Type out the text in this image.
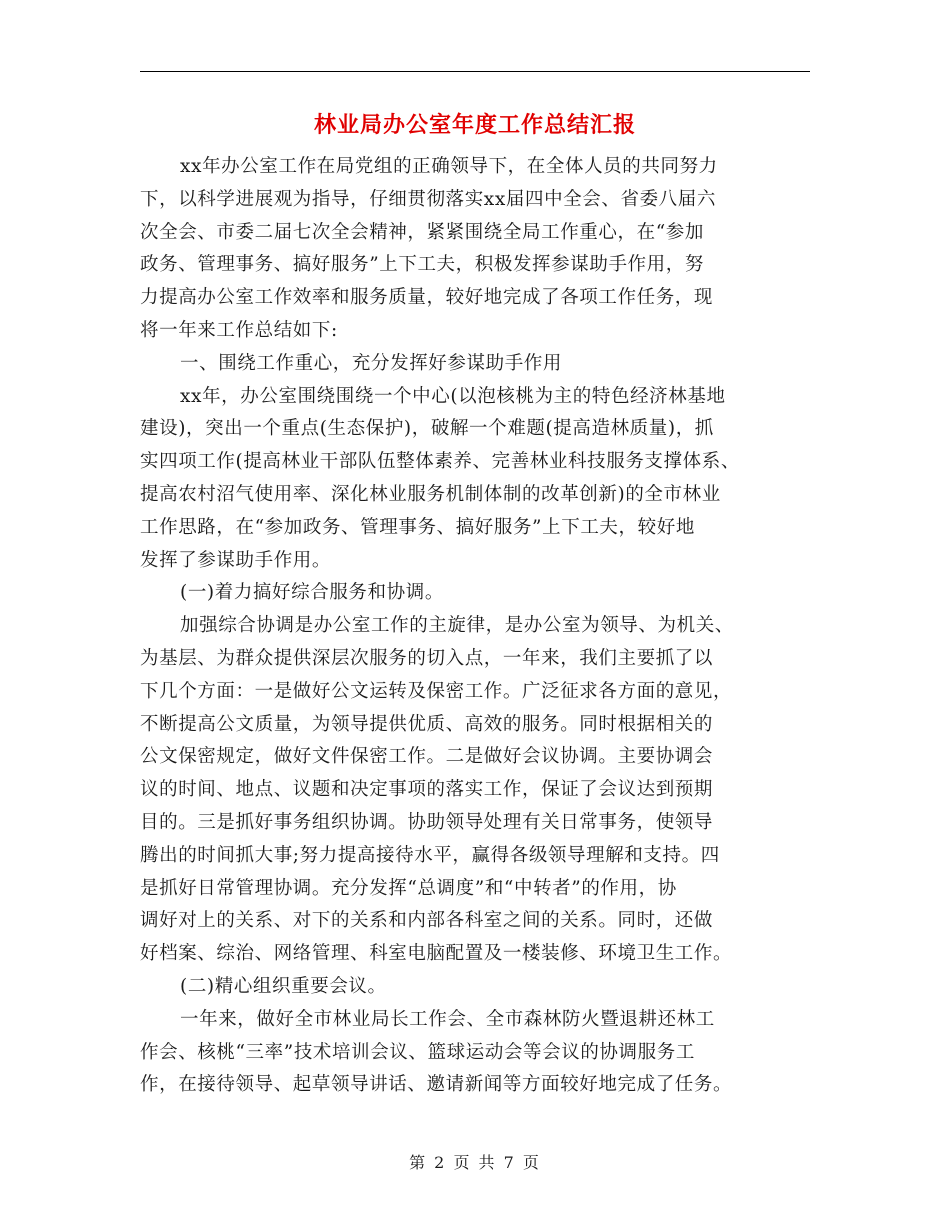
林业局办公室年度工作总结汇报
xx年办公室工作在局党组的正确领导下，在全体人员的共同努力
下，以科学进展观为指导，仔细贯彻落实xx届四中全会、省委八届六
次全会、市委二届七次全会精神，紧紧围绕全局工作重心，在“参加
政务、管理事务、搞好服务”上下工夫，积极发挥参谋助手作用，努
力提高办公室工作效率和服务质量，较好地完成了各项工作任务，现
将一年来工作总结如下:
一、围绕工作重心，充分发挥好参谋助手作用
xx年，办公室围绕围绕一个中心(以泡核桃为主的特色经济林基地
建设)，突出一个重点(生态保护)，破解一个难题(提高造林质量)，抓
实四项工作(提高林业干部队伍整体素养、完善林业科技服务支撑体系、
提高农村沼气使用率、深化林业服务机制体制的改革创新)的全市林业
工作思路，在“参加政务、管理事务、搞好服务”上下工夫，较好地
发挥了参谋助手作用。
(一)着力搞好综合服务和协调。
加强综合协调是办公室工作的主旋律，是办公室为领导、为机关、
为基层、为群众提供深层次服务的切入点，一年来，我们主要抓了以
下几个方面：一是做好公文运转及保密工作。广泛征求各方面的意见，
不断提高公文质量，为领导提供优质、高效的服务。同时根据相关的
公文保密规定，做好文件保密工作。二是做好会议协调。主要协调会
议的时间、地点、议题和决定事项的落实工作，保证了会议达到预期
目的。三是抓好事务组织协调。协助领导处理有关日常事务，使领导
腾出的时间抓大事;努力提高接待水平，赢得各级领导理解和支持。四
是抓好日常管理协调。充分发挥“总调度”和“中转者”的作用，协
调好对上的关系、对下的关系和内部各科室之间的关系。同时，还做
好档案、综治、网络管理、科室电脑配置及一楼装修、环境卫生工作。
(二)精心组织重要会议。
一年来，做好全市林业局长工作会、全市森林防火暨退耕还林工
作会、核桃“三率”技术培训会议、篮球运动会等会议的协调服务工
作，在接待领导、起草领导讲话、邀请新闻等方面较好地完成了任务。
第 2 页 共 7 页
